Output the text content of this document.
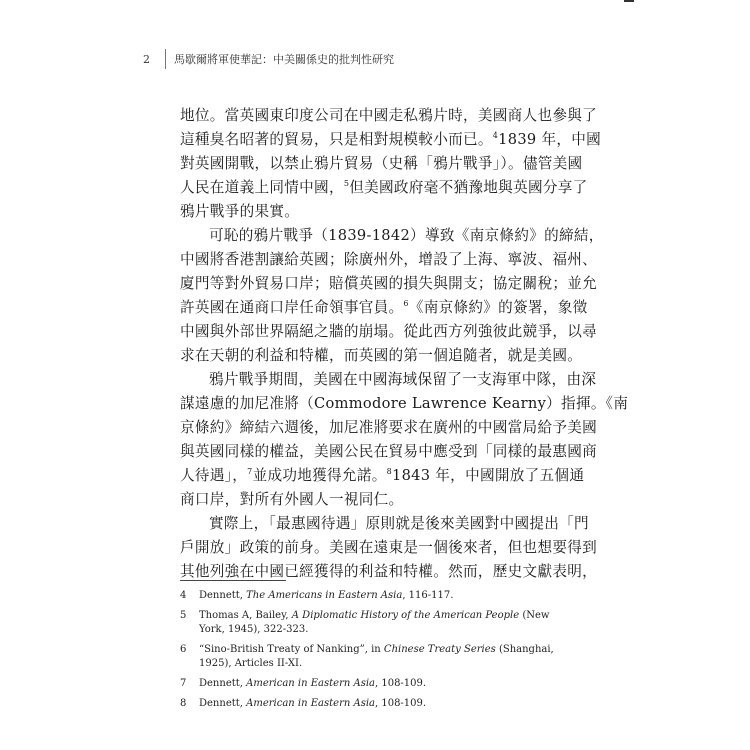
2	馬歇爾將軍使華記：中美關係史的批判性研究

地位。當英國東印度公司在中國走私鴉片時，美國商人也參與了
這種臭名昭著的貿易，只是相對規模較小而已。$^4$1839 年，中國
對英國開戰，以禁止鴉片貿易（史稱「鴉片戰爭」）。儘管美國
人民在道義上同情中國，$^5$但美國政府毫不猶豫地與英國分享了
鴉片戰爭的果實。

可恥的鴉片戰爭（1839-1842）導致《南京條約》的締結，
中國將香港割讓給英國；除廣州外，增設了上海、寧波、福州、
廈門等對外貿易口岸；賠償英國的損失與開支；協定關稅；並允
許英國在通商口岸任命領事官員。$^6$《南京條約》的簽署，象徵
中國與外部世界隔絕之牆的崩塌。從此西方列強彼此競爭，以尋
求在天朝的利益和特權，而英國的第一個追隨者，就是美國。

鴉片戰爭期間，美國在中國海域保留了一支海軍中隊，由深
謀遠慮的加尼准將（Commodore Lawrence Kearny）指揮。《南
京條約》締結六週後，加尼准將要求在廣州的中國當局給予美國
與英國同樣的權益，美國公民在貿易中應受到「同樣的最惠國商
人待遇」，$^7$並成功地獲得允諾。$^8$1843 年，中國開放了五個通
商口岸，對所有外國人一視同仁。

實際上，「最惠國待遇」原則就是後來美國對中國提出「門
戶開放」政策的前身。美國在遠東是一個後來者，但也想要得到
其他列強在中國已經獲得的利益和特權。然而，歷史文獻表明，

4	Dennett, The Americans in Eastern Asia, 116-117.
5	Thomas A, Bailey, A Diplomatic History of the American People (New York, 1945), 322-323.
6	“Sino-British Treaty of Nanking”, in Chinese Treaty Series (Shanghai, 1925), Articles II-XI.
7	Dennett, American in Eastern Asia, 108-109.
8	Dennett, American in Eastern Asia, 108-109.
